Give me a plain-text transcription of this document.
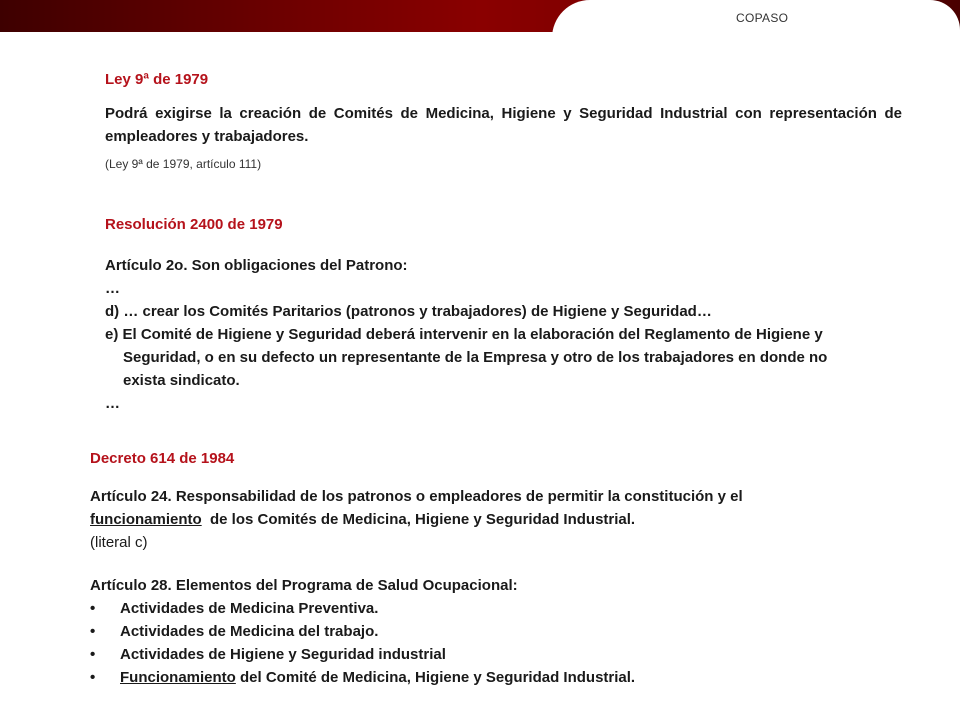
COPASO
Ley 9ª de 1979
Podrá exigirse la creación de Comités de Medicina, Higiene y Seguridad Industrial con representación de empleadores y trabajadores.
(Ley 9ª de 1979, artículo 111)
Resolución 2400 de 1979
Artículo 2o. Son obligaciones del Patrono:
…
d) … crear los Comités Paritarios (patronos y trabajadores) de Higiene y Seguridad…
e) El Comité de Higiene y Seguridad deberá intervenir en la elaboración del Reglamento de Higiene y
Seguridad, o en su defecto un representante de la Empresa y otro de los trabajadores en donde no
exista sindicato.
…
Decreto 614 de 1984
Artículo 24. Responsabilidad de los patronos o empleadores de permitir la constitución y el
funcionamiento  de los Comités de Medicina, Higiene y Seguridad Industrial.
(literal c)
Artículo 28. Elementos del Programa de Salud Ocupacional:
•	Actividades de Medicina Preventiva.
•	Actividades de Medicina del trabajo.
•	Actividades de Higiene y Seguridad industrial
•	Funcionamiento del Comité de Medicina, Higiene y Seguridad Industrial.
